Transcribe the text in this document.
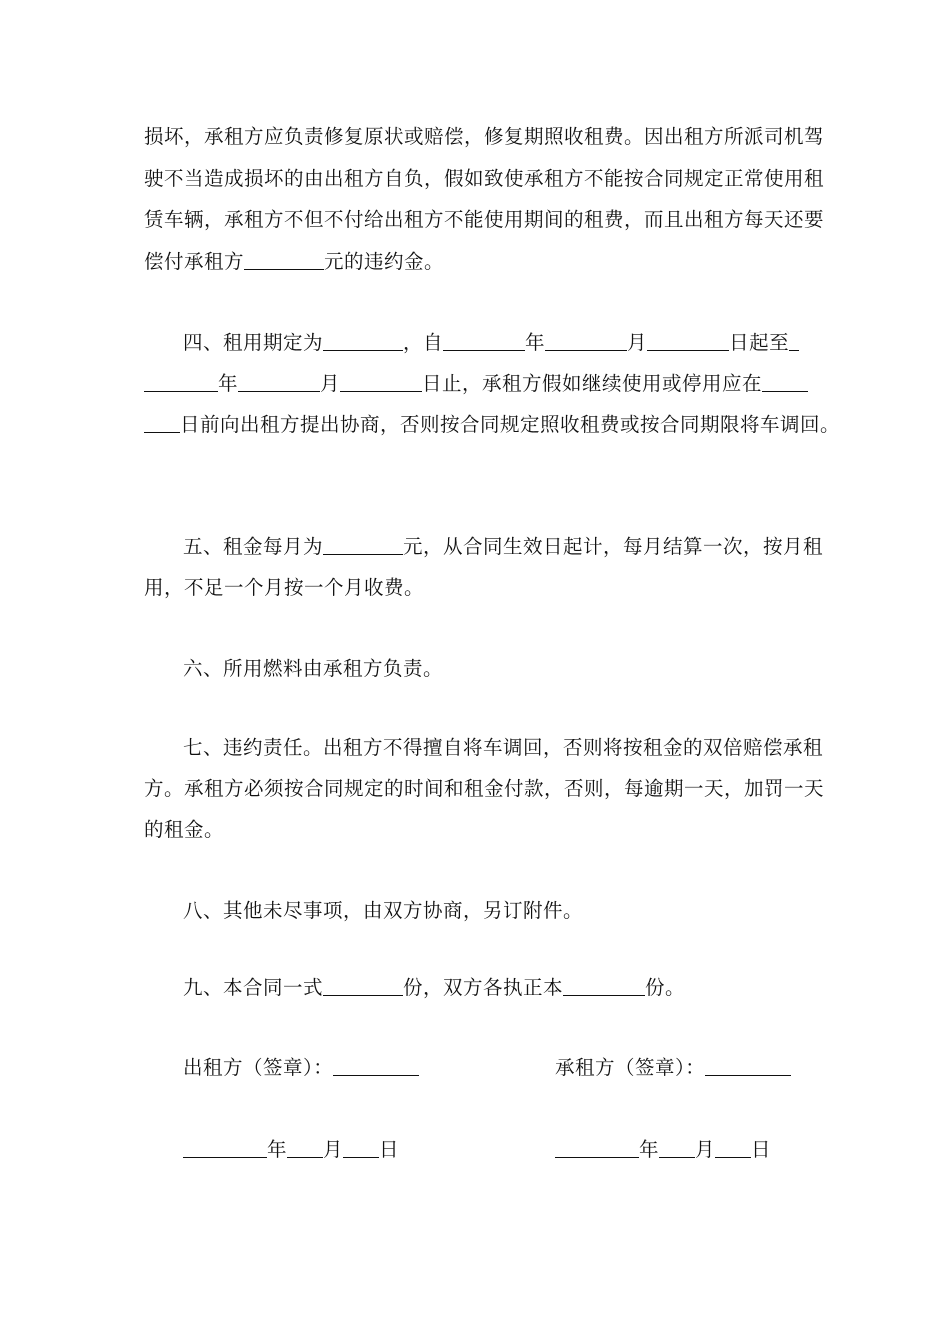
损坏，承租方应负责修复原状或赔偿，修复期照收租费。因出租方所派司机驾
驶不当造成损坏的由出租方自负，假如致使承租方不能按合同规定正常使用租
赁车辆，承租方不但不付给出租方不能使用期间的租费，而且出租方每天还要
偿付承租方	元的违约金。
四、租用期定为	，自	年	月	日起至
年	月	日止，承租方假如继续使用或停用应在
日前向出租方提出协商，否则按合同规定照收租费或按合同期限将车调回。
五、租金每月为	元，从合同生效日起计，每月结算一次，按月租
用，不足一个月按一个月收费。
六、所用燃料由承租方负责。
七、违约责任。出租方不得擅自将车调回，否则将按租金的双倍赔偿承租
方。承租方必须按合同规定的时间和租金付款，否则，每逾期一天，加罚一天
的租金。
八、其他未尽事项，由双方协商，另订附件。
九、本合同一式	份，双方各执正本	份。
出租方（签章）：	承租方（签章）：
年 月 日	年 月 日
